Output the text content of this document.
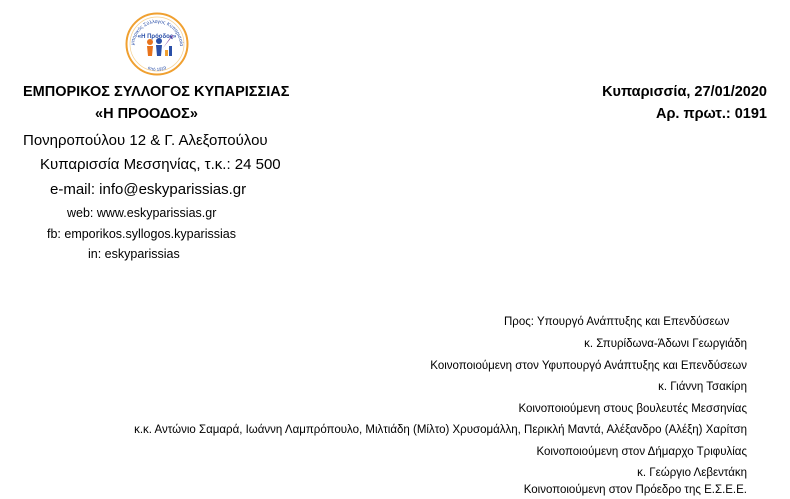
μπορικός Σύλλογος Κυπαρισσία
«Η Πρόοδος»
από 1919
ΕΜΠΟΡΙΚΟΣ ΣΥΛΛΟΓΟΣ ΚΥΠΑΡΙΣΣΙΑΣ
«Η ΠΡΟΟΔΟΣ»
Πονηροπούλου 12 & Γ. Αλεξοπούλου
Κυπαρισσία Μεσσηνίας, τ.κ.: 24 500
e-mail: info@eskyparissias.gr
web: www.eskyparissias.gr
fb: emporikos.syllogos.kyparissias
in: eskyparissias
Κυπαρισσία, 27/01/2020
Αρ. πρωτ.: 0191
Προς: Υπουργό Ανάπτυξης και Επενδύσεων
κ. Σπυρίδωνα-Άδωνι Γεωργιάδη
Κοινοποιούμενη στον Υφυπουργό Ανάπτυξης και Επενδύσεων
κ. Γιάννη Τσακίρη
Κοινοποιούμενη στους βουλευτές Μεσσηνίας
κ.κ. Αντώνιο Σαμαρά, Ιωάννη Λαμπρόπουλο, Μιλτιάδη (Μίλτο) Χρυσομάλλη, Περικλή Μαντά, Αλέξανδρο (Αλέξη) Χαρίτση
Κοινοποιούμενη στον Δήμαρχο Τριφυλίας
κ. Γεώργιο Λεβεντάκη
Κοινοποιούμενη στον Πρόεδρο της Ε.Σ.Ε.Ε.
